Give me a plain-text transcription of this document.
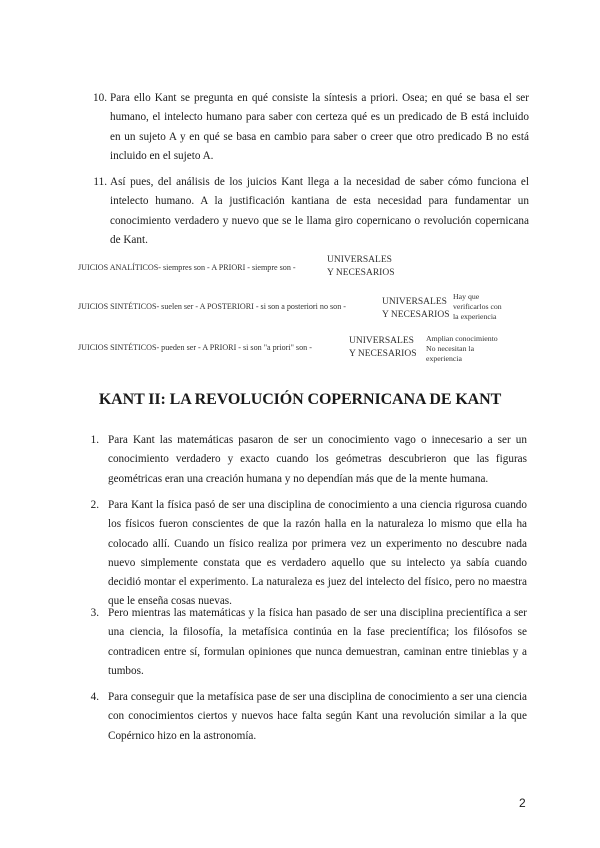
10. Para ello Kant se pregunta en qué consiste la síntesis a priori. Osea; en qué se basa el ser humano, el intelecto humano para saber con certeza qué es un predicado de B está incluido en un sujeto A y en qué se basa en cambio para saber o creer que otro predicado B no está incluido en el sujeto A.
11. Así pues, del análisis de los juicios Kant llega a la necesidad de saber cómo funciona el intelecto humano. A la justificación kantiana de esta necesidad para fundamentar un conocimiento verdadero y nuevo que se le llama giro copernicano o revolución copernicana de Kant.
JUICIOS ANALÍTICOS- siempres son - A PRIORI - siempre son -
UNIVERSALES
Y NECESARIOS
JUICIOS SINTÉTICOS- suelen ser - A POSTERIORI - si son a posteriori no son -	UNIVERSALES
Y NECESARIOS
Hay que
verificarlos con
la experiencia
JUICIOS SINTÉTICOS- pueden ser - A PRIORI - si son "a priori" son -
UNIVERSALES
Y NECESARIOS
Amplian conocimiento
No necesitan la
experiencia
KANT II: LA REVOLUCIÓN COPERNICANA DE KANT
1. Para Kant las matemáticas pasaron de ser un conocimiento vago o innecesario a ser un conocimiento verdadero y exacto cuando los geómetras descubrieron que las figuras geométricas eran una creación humana y no dependían más que de la mente humana.
2. Para Kant la física pasó de ser una disciplina de conocimiento a una ciencia rigurosa cuando los físicos fueron conscientes de que la razón halla en la naturaleza lo mismo que ella ha colocado allí. Cuando un físico realiza por primera vez un experimento no descubre nada nuevo simplemente constata que es verdadero aquello que su intelecto ya sabía cuando decidió montar el experimento. La naturaleza es juez del intelecto del físico, pero no maestra que le enseña cosas nuevas.
3. Pero mientras las matemáticas y la física han pasado de ser una disciplina precientífica a ser una ciencia, la filosofía, la metafísica continúa en la fase precientífica; los filósofos se contradicen entre sí, formulan opiniones que nunca demuestran, caminan entre tinieblas y a tumbos.
4. Para conseguir que la metafísica pase de ser una disciplina de conocimiento a ser una ciencia con conocimientos ciertos y nuevos hace falta según Kant una revolución similar a la que Copérnico hizo en la astronomía.
2
